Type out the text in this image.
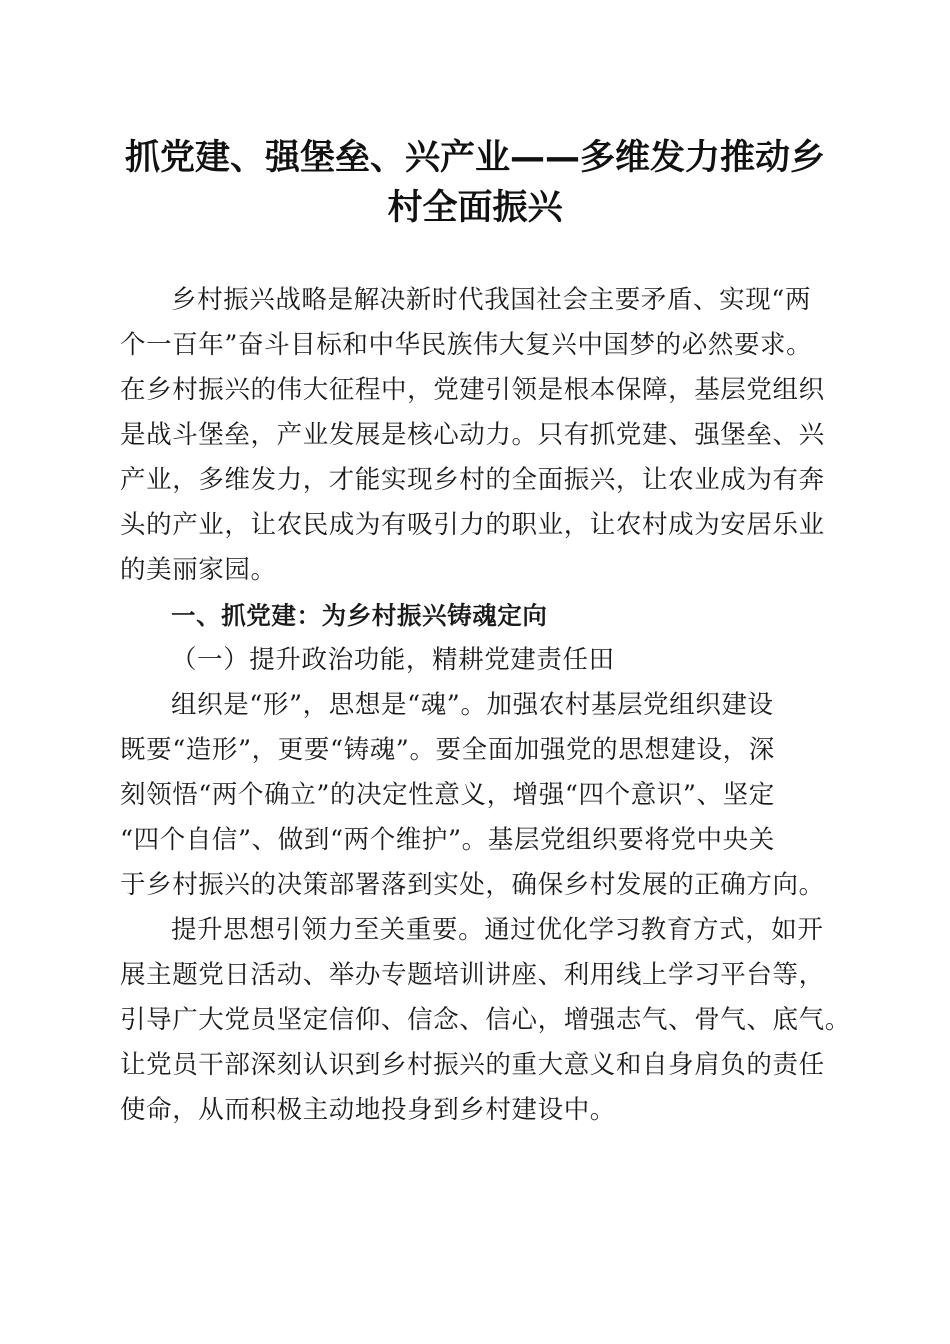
抓党建、强堡垒、兴产业——多维发力推动乡
村全面振兴
乡村振兴战略是解决新时代我国社会主要矛盾、实现“两
个一百年”奋斗目标和中华民族伟大复兴中国梦的必然要求。
在乡村振兴的伟大征程中，党建引领是根本保障，基层党组织
是战斗堡垒，产业发展是核心动力。只有抓党建、强堡垒、兴
产业，多维发力，才能实现乡村的全面振兴，让农业成为有奔
头的产业，让农民成为有吸引力的职业，让农村成为安居乐业
的美丽家园。
一、抓党建：为乡村振兴铸魂定向
（一）提升政治功能，精耕党建责任田
组织是“形”，思想是“魂”。加强农村基层党组织建设
既要“造形”，更要“铸魂”。要全面加强党的思想建设，深
刻领悟“两个确立”的决定性意义，增强“四个意识”、坚定
“四个自信”、做到“两个维护”。基层党组织要将党中央关
于乡村振兴的决策部署落到实处，确保乡村发展的正确方向。
提升思想引领力至关重要。通过优化学习教育方式，如开
展主题党日活动、举办专题培训讲座、利用线上学习平台等，
引导广大党员坚定信仰、信念、信心，增强志气、骨气、底气。
让党员干部深刻认识到乡村振兴的重大意义和自身肩负的责任
使命，从而积极主动地投身到乡村建设中。
